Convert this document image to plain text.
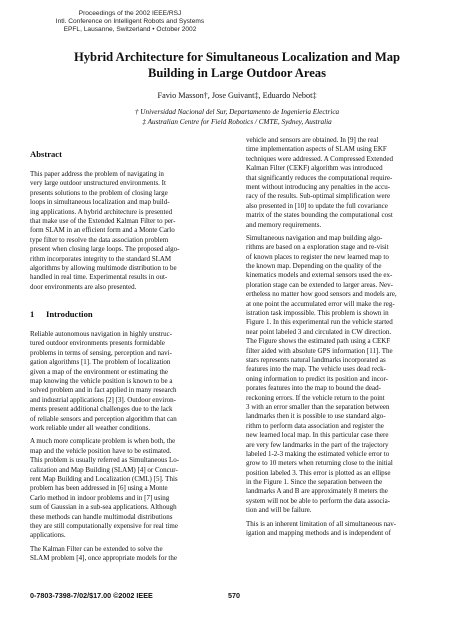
Proceedings of the 2002 IEEE/RSJ
Intl. Conference on Intelligent Robots and Systems
EPFL, Lausanne, Switzerland • October 2002
Hybrid Architecture for Simultaneous Localization and Map
Building in Large Outdoor Areas
Favio Masson†, Jose Guivant‡, Eduardo Nebot‡
† Universidad Nacional del Sur, Departamento de Ingenieria Electrica
‡ Australian Centre for Field Robotics / CMTE, Sydney, Australia
Abstract
This paper address the problem of navigating in
very large outdoor unstructured environments. It
presents solutions to the problem of closing large
loops in simultaneous localization and map build-
ing applications. A hybrid architecture is presented
that make use of the Extended Kalman Filter to per-
form SLAM in an efficient form and a Monte Carlo
type filter to resolve the data association problem
present when closing large loops. The proposed algo-
rithm incorporates integrity to the standard SLAM
algorithms by allowing multimode distribution to be
handled in real time. Experimental results in out-
door environments are also presented.
1 Introduction
Reliable autonomous navigation in highly unstruc-
tured outdoor environments presents formidable
problems in terms of sensing, perception and navi-
gation algorithms [1]. The problem of localization
given a map of the environment or estimating the
map knowing the vehicle position is known to be a
solved problem and in fact applied in many research
and industrial applications [2] [3]. Outdoor environ-
ments present additional challenges due to the lack
of reliable sensors and perception algorithm that can
work reliable under all weather conditions.
A much more complicate problem is when both, the
map and the vehicle position have to be estimated.
This problem is usually referred as Simultaneous Lo-
calization and Map Building (SLAM) [4] or Concur-
rent Map Building and Localization (CML) [5]. This
problem has been addressed in [6] using a Monte
Carlo method in indoor problems and in [7] using
sum of Gaussian in a sub-sea applications. Although
these methods can handle multimodal distributions
they are still computationally expensive for real time
applications.
The Kalman Filter can be extended to solve the
SLAM problem [4], once appropriate models for the
vehicle and sensors are obtained. In [9] the real
time implementation aspects of SLAM using EKF
techniques were addressed. A Compressed Extended
Kalman Filter (CEKF) algorithm was introduced
that significantly reduces the computational require-
ment without introducing any penalties in the accu-
racy of the results. Sub-optimal simplification were
also presented in [10] to update the full covariance
matrix of the states bounding the computational cost
and memory requirements.
Simultaneous navigation and map building algo-
rithms are based on a exploration stage and re-visit
of known places to register the new learned map to
the known map. Depending on the quality of the
kinematics models and external sensors used the ex-
ploration stage can be extended to larger areas. Nev-
ertheless no matter how good sensors and models are,
at one point the accumulated error will make the reg-
istration task impossible. This problem is shown in
Figure 1. In this experimental run the vehicle started
near point labeled 3 and circulated in CW direction.
The Figure shows the estimated path using a CEKF
filter aided with absolute GPS information [11]. The
stars represents natural landmarks incorporated as
features into the map. The vehicle uses dead reck-
oning information to predict its position and incor-
porates features into the map to bound the dead-
reckoning errors. If the vehicle return to the point
3 with an error smaller than the separation between
landmarks then it is possible to use standard algo-
rithm to perform data association and register the
new learned local map. In this particular case there
are very few landmarks in the part of the trajectory
labeled 1-2-3 making the estimated vehicle error to
grow to 10 meters when returning close to the initial
position labeled 3. This error is plotted as an ellipse
in the Figure 1. Since the separation between the
landmarks A and B are approximately 8 meters the
system will not be able to perform the data associa-
tion and will be failure.
This is an inherent limitation of all simultaneous nav-
igation and mapping methods and is independent of
0-7803-7398-7/02/$17.00 ©2002 IEEE	570
